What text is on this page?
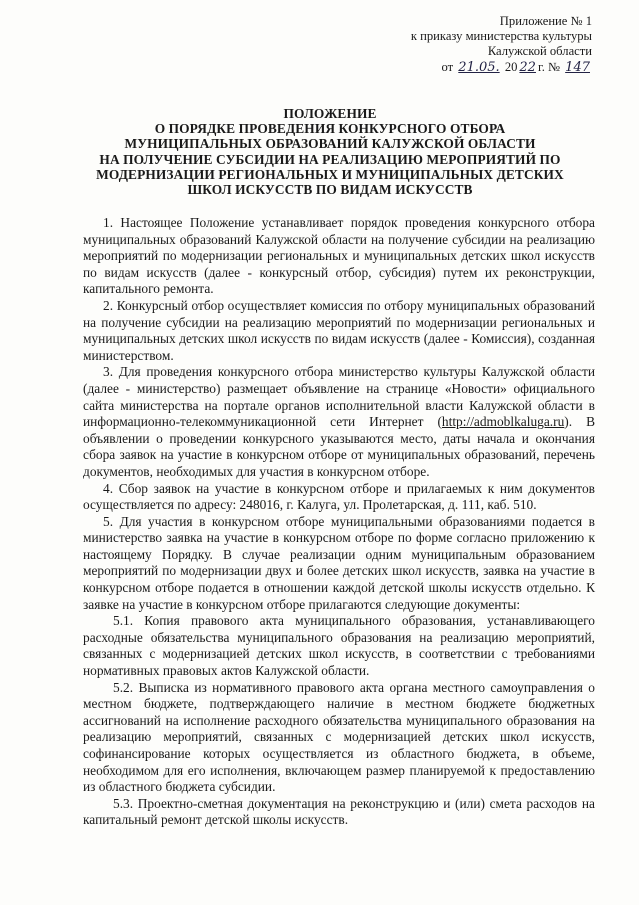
Приложение № 1
к приказу министерства культуры
Калужской области
от 21.05. 20 22 г. № 147
ПОЛОЖЕНИЕ
О ПОРЯДКЕ ПРОВЕДЕНИЯ КОНКУРСНОГО ОТБОРА
МУНИЦИПАЛЬНЫХ ОБРАЗОВАНИЙ КАЛУЖСКОЙ ОБЛАСТИ
НА ПОЛУЧЕНИЕ СУБСИДИИ НА РЕАЛИЗАЦИЮ МЕРОПРИЯТИЙ ПО
МОДЕРНИЗАЦИИ РЕГИОНАЛЬНЫХ И МУНИЦИПАЛЬНЫХ ДЕТСКИХ
ШКОЛ ИСКУССТВ ПО ВИДАМ ИСКУССТВ

1. Настоящее Положение устанавливает порядок проведения конкурсного отбора муниципальных образований Калужской области на получение субсидии на реализацию мероприятий по модернизации региональных и муниципальных детских школ искусств по видам искусств (далее - конкурсный отбор, субсидия) путем их реконструкции, капитального ремонта.

2. Конкурсный отбор осуществляет комиссия по отбору муниципальных образований на получение субсидии на реализацию мероприятий по модернизации региональных и муниципальных детских школ искусств по видам искусств (далее - Комиссия), созданная министерством.

3. Для проведения конкурсного отбора министерство культуры Калужской области (далее - министерство) размещает объявление на странице «Новости» официального сайта министерства на портале органов исполнительной власти Калужской области в информационно-телекоммуникационной сети Интернет (http://admoblkaluga.ru). В объявлении о проведении конкурсного указываются место, даты начала и окончания сбора заявок на участие в конкурсном отборе от муниципальных образований, перечень документов, необходимых для участия в конкурсном отборе.

4. Сбор заявок на участие в конкурсном отборе и прилагаемых к ним документов осуществляется по адресу: 248016, г. Калуга, ул. Пролетарская, д. 111, каб. 510.

5. Для участия в конкурсном отборе муниципальными образованиями подается в министерство заявка на участие в конкурсном отборе по форме согласно приложению к настоящему Порядку. В случае реализации одним муниципальным образованием мероприятий по модернизации двух и более детских школ искусств, заявка на участие в конкурсном отборе подается в отношении каждой детской школы искусств отдельно. К заявке на участие в конкурсном отборе прилагаются следующие документы:

5.1. Копия правового акта муниципального образования, устанавливающего расходные обязательства муниципального образования на реализацию мероприятий, связанных с модернизацией детских школ искусств, в соответствии с требованиями нормативных правовых актов Калужской области.

5.2. Выписка из нормативного правового акта органа местного самоуправления о местном бюджете, подтверждающего наличие в местном бюджете бюджетных ассигнований на исполнение расходного обязательства муниципального образования на реализацию мероприятий, связанных с модернизацией детских школ искусств, софинансирование которых осуществляется из областного бюджета, в объеме, необходимом для его исполнения, включающем размер планируемой к предоставлению из областного бюджета субсидии.

5.3. Проектно-сметная документация на реконструкцию и (или) смета расходов на капитальный ремонт детской школы искусств.
